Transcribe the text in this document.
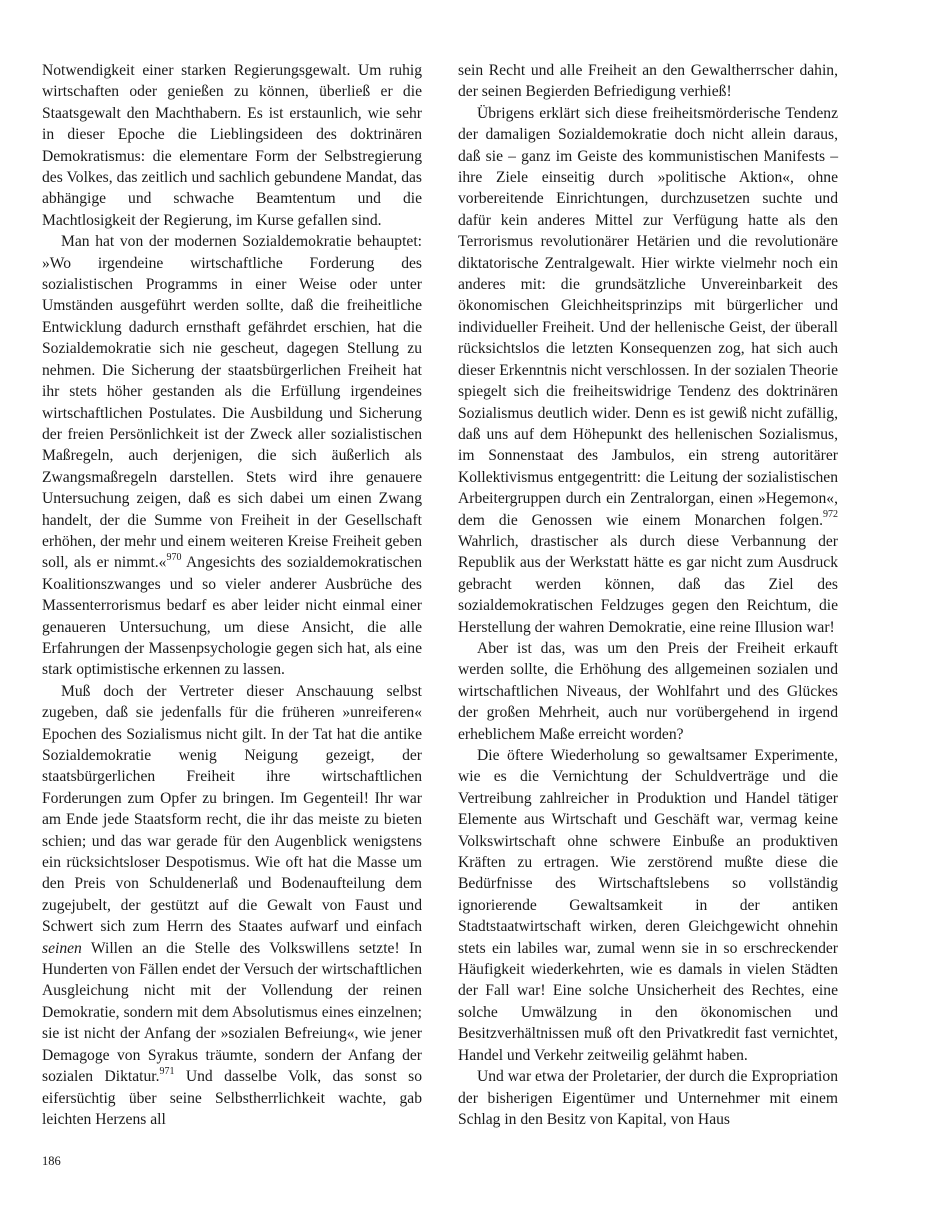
Notwendigkeit einer starken Regierungsgewalt. Um ruhig wirtschaften oder genießen zu können, überließ er die Staatsgewalt den Machthabern. Es ist erstaunlich, wie sehr in dieser Epoche die Lieblingsideen des doktrinären Demokratismus: die elementare Form der Selbstregierung des Volkes, das zeitlich und sachlich gebundene Mandat, das abhängige und schwache Beamtentum und die Machtlosigkeit der Regierung, im Kurse gefallen sind.

Man hat von der modernen Sozialdemokratie behauptet: »Wo irgendeine wirtschaftliche Forderung des sozialistischen Programms in einer Weise oder unter Umständen ausgeführt werden sollte, daß die freiheitliche Entwicklung dadurch ernsthaft gefährdet erschien, hat die Sozialdemokratie sich nie gescheut, dagegen Stellung zu nehmen. Die Sicherung der staatsbürgerlichen Freiheit hat ihr stets höher gestanden als die Erfüllung irgendeines wirtschaftlichen Postulates. Die Ausbildung und Sicherung der freien Persönlichkeit ist der Zweck aller sozialistischen Maßregeln, auch derjenigen, die sich äußerlich als Zwangsmaßregeln darstellen. Stets wird ihre genauere Untersuchung zeigen, daß es sich dabei um einen Zwang handelt, der die Summe von Freiheit in der Gesellschaft erhöhen, der mehr und einem weiteren Kreise Freiheit geben soll, als er nimmt.«$^{970}$ Angesichts des sozialdemokratischen Koalitionszwanges und so vieler anderer Ausbrüche des Massenterrorismus bedarf es aber leider nicht einmal einer genaueren Untersuchung, um diese Ansicht, die alle Erfahrungen der Massenpsychologie gegen sich hat, als eine stark optimistische erkennen zu lassen.

Muß doch der Vertreter dieser Anschauung selbst zugeben, daß sie jedenfalls für die früheren »unreiferen« Epochen des Sozialismus nicht gilt. In der Tat hat die antike Sozialdemokratie wenig Neigung gezeigt, der staatsbürgerlichen Freiheit ihre wirtschaftlichen Forderungen zum Opfer zu bringen. Im Gegenteil! Ihr war am Ende jede Staatsform recht, die ihr das meiste zu bieten schien; und das war gerade für den Augenblick wenigstens ein rücksichtsloser Despotismus. Wie oft hat die Masse um den Preis von Schuldenerlaß und Bodenaufteilung dem zugejubelt, der gestützt auf die Gewalt von Faust und Schwert sich zum Herrn des Staates aufwarf und einfach seinen Willen an die Stelle des Volkswillens setzte! In Hunderten von Fällen endet der Versuch der wirtschaftlichen Ausgleichung nicht mit der Vollendung der reinen Demokratie, sondern mit dem Absolutismus eines einzelnen; sie ist nicht der Anfang der »sozialen Befreiung«, wie jener Demagoge von Syrakus träumte, sondern der Anfang der sozialen Diktatur.$^{971}$ Und dasselbe Volk, das sonst so eifersüchtig über seine Selbstherrlichkeit wachte, gab leichten Herzens all

sein Recht und alle Freiheit an den Gewaltherrscher dahin, der seinen Begierden Befriedigung verhieß!

Übrigens erklärt sich diese freiheitsmörderische Tendenz der damaligen Sozialdemokratie doch nicht allein daraus, daß sie – ganz im Geiste des kommunistischen Manifests – ihre Ziele einseitig durch »politische Aktion«, ohne vorbereitende Einrichtungen, durchzusetzen suchte und dafür kein anderes Mittel zur Verfügung hatte als den Terrorismus revolutionärer Hetärien und die revolutionäre diktatorische Zentralgewalt. Hier wirkte vielmehr noch ein anderes mit: die grundsätzliche Unvereinbarkeit des ökonomischen Gleichheitsprinzips mit bürgerlicher und individueller Freiheit. Und der hellenische Geist, der überall rücksichtslos die letzten Konsequenzen zog, hat sich auch dieser Erkenntnis nicht verschlossen. In der sozialen Theorie spiegelt sich die freiheitswidrige Tendenz des doktrinären Sozialismus deutlich wider. Denn es ist gewiß nicht zufällig, daß uns auf dem Höhepunkt des hellenischen Sozialismus, im Sonnenstaat des Jambulos, ein streng autoritärer Kollektivismus entgegentritt: die Leitung der sozialistischen Arbeitergruppen durch ein Zentralorgan, einen »Hegemon«, dem die Genossen wie einem Monarchen folgen.$^{972}$ Wahrlich, drastischer als durch diese Verbannung der Republik aus der Werkstatt hätte es gar nicht zum Ausdruck gebracht werden können, daß das Ziel des sozialdemokratischen Feldzuges gegen den Reichtum, die Herstellung der wahren Demokratie, eine reine Illusion war!

Aber ist das, was um den Preis der Freiheit erkauft werden sollte, die Erhöhung des allgemeinen sozialen und wirtschaftlichen Niveaus, der Wohlfahrt und des Glückes der großen Mehrheit, auch nur vorübergehend in irgend erheblichem Maße erreicht worden?

Die öftere Wiederholung so gewaltsamer Experimente, wie es die Vernichtung der Schuldverträge und die Vertreibung zahlreicher in Produktion und Handel tätiger Elemente aus Wirtschaft und Geschäft war, vermag keine Volkswirtschaft ohne schwere Einbuße an produktiven Kräften zu ertragen. Wie zerstörend mußte diese die Bedürfnisse des Wirtschaftslebens so vollständig ignorierende Gewaltsamkeit in der antiken Stadtstaatwirtschaft wirken, deren Gleichgewicht ohnehin stets ein labiles war, zumal wenn sie in so erschreckender Häufigkeit wiederkehrten, wie es damals in vielen Städten der Fall war! Eine solche Unsicherheit des Rechtes, eine solche Umwälzung in den ökonomischen und Besitzverhältnissen muß oft den Privatkredit fast vernichtet, Handel und Verkehr zeitweilig gelähmt haben.

Und war etwa der Proletarier, der durch die Expropriation der bisherigen Eigentümer und Unternehmer mit einem Schlag in den Besitz von Kapital, von Haus

186
